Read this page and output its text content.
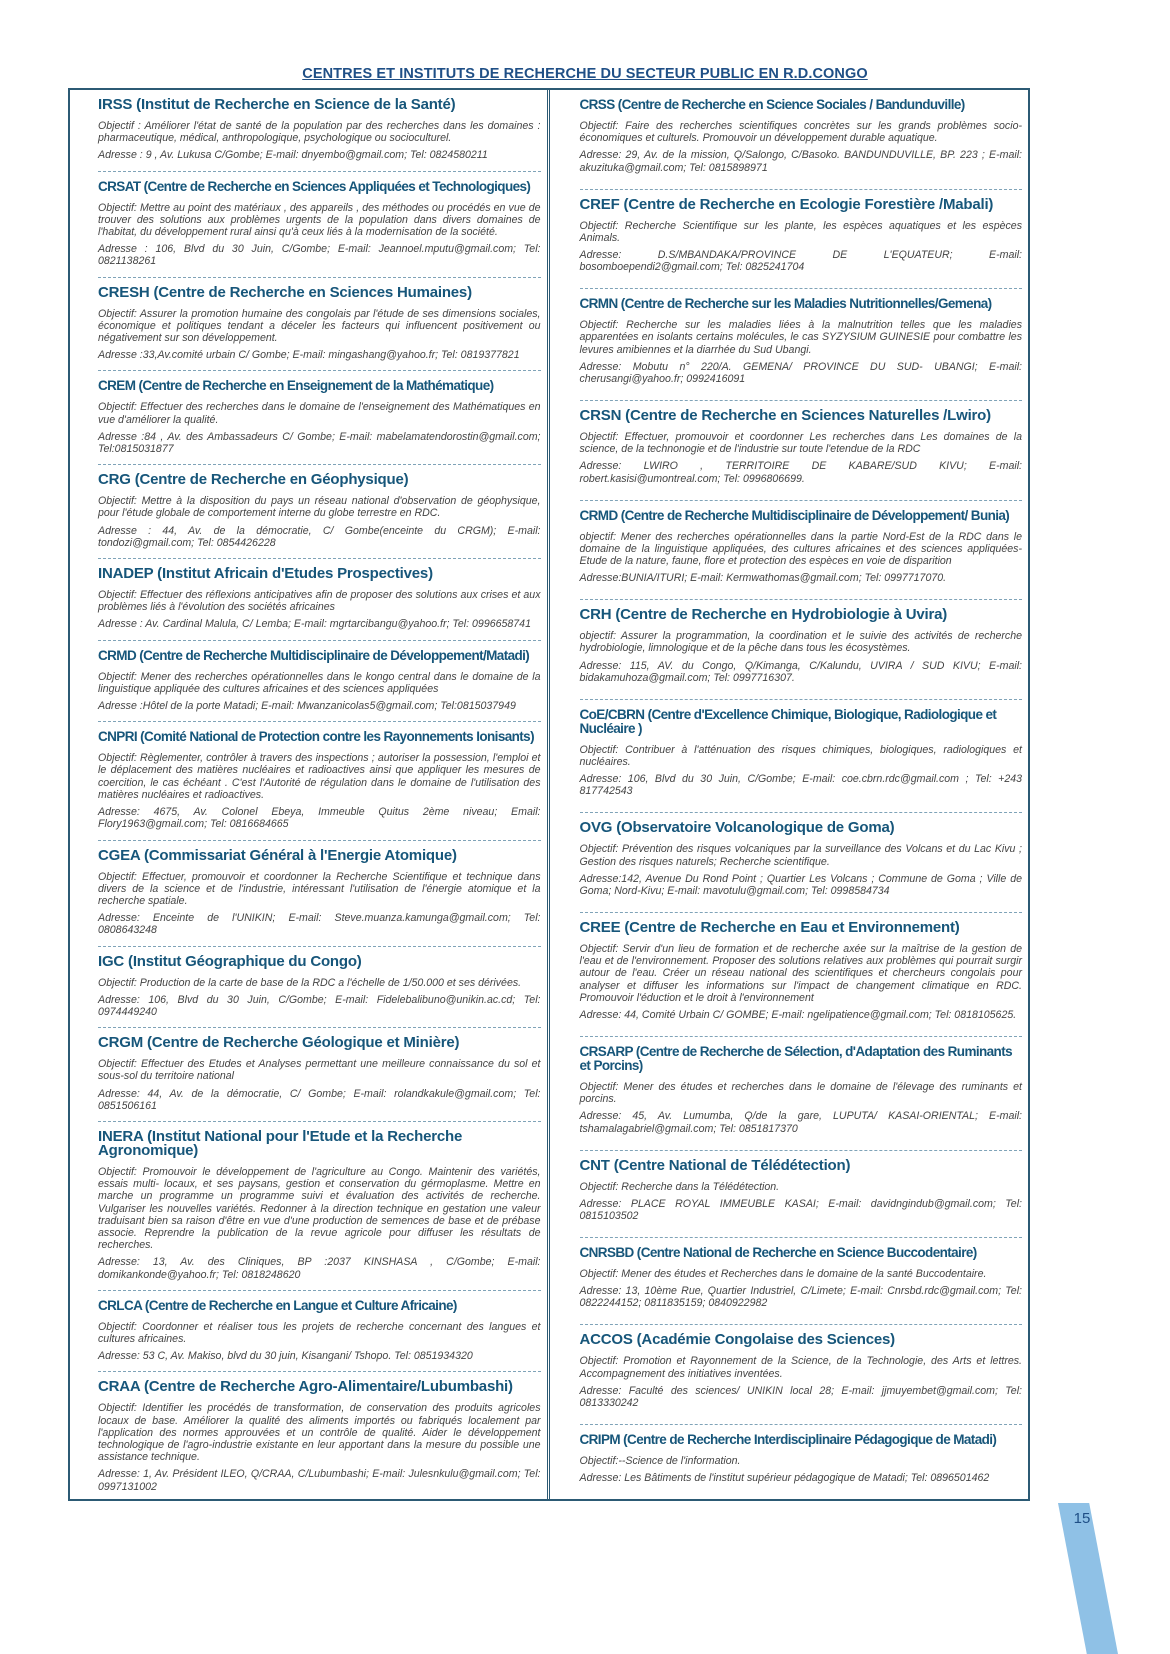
CENTRES ET INSTITUTS DE RECHERCHE DU SECTEUR PUBLIC EN R.D.CONGO
IRSS (Institut de Recherche en Science de la Santé)

Objectif : Améliorer l'état de santé de la population par des recherches dans les domaines : pharmaceutique, médical, anthropologique, psychologique ou socioculturel.

Adresse : 9 , Av. Lukusa C/Gombe; E-mail: dnyembo@gmail.com; Tel: 0824580211

CRSAT (Centre de Recherche en Sciences Appliquées et Technologiques)

Objectif: Mettre au point des matériaux , des appareils , des méthodes ou procédés en vue de trouver des solutions aux problèmes urgents de la population dans divers domaines de l'habitat, du développement rural ainsi qu'à ceux liés à la modernisation de la société.

Adresse : 106, Blvd du 30 Juin, C/Gombe; E-mail: Jeannoel.mputu@gmail.com; Tel: 0821138261

CRESH (Centre de Recherche en Sciences Humaines)

Objectif: Assurer la promotion humaine des congolais par l'étude de ses dimensions sociales, économique et politiques tendant a déceler les facteurs qui influencent positivement ou négativement sur son développement.

Adresse :33,Av.comité urbain C/ Gombe; E-mail: mingashang@yahoo.fr; Tel: 0819377821

CREM (Centre de Recherche en Enseignement de la Mathématique)

Objectif: Effectuer des recherches dans le domaine de l'enseignement des Mathématiques en vue d'améliorer la qualité.

Adresse :84 , Av. des Ambassadeurs C/ Gombe; E-mail: mabelamatendorostin@gmail.com; Tel:0815031877

CRG (Centre de Recherche en Géophysique)

Objectif: Mettre à la disposition du pays un réseau national d'observation de géophysique, pour l'étude globale de comportement interne du globe terrestre en RDC.

Adresse : 44, Av. de la démocratie, C/ Gombe(enceinte du CRGM); E-mail: tondozi@gmail.com; Tel: 0854426228

INADEP (Institut Africain d'Etudes Prospectives)

Objectif: Effectuer des réflexions anticipatives afin de proposer des solutions aux crises et aux problèmes liés à l'évolution des sociétés africaines

Adresse : Av. Cardinal Malula, C/ Lemba; E-mail: mgrtarcibangu@yahoo.fr; Tel: 0996658741

CRMD (Centre de Recherche Multidisciplinaire de Développement/Matadi)

Objectif: Mener des recherches opérationnelles dans le kongo central dans le domaine de la linguistique appliquée des cultures africaines et des sciences appliquées

Adresse :Hôtel de la porte Matadi; E-mail: Mwanzanicolas5@gmail.com; Tel:0815037949

CNPRI (Comité National de Protection contre les Rayonnements Ionisants)

Objectif: Règlementer, contrôler à travers des inspections ; autoriser la possession, l'emploi et le déplacement des matières nucléaires et radioactives ainsi que appliquer les mesures de coercition, le cas échéant . C'est l'Autorité de régulation dans le domaine de l'utilisation des matières nucléaires et radioactives.

Adresse: 4675, Av. Colonel Ebeya, Immeuble Quitus 2ème niveau; Email: Flory1963@gmail.com; Tel: 0816684665

CGEA (Commissariat Général à l'Energie Atomique)

Objectif: Effectuer, promouvoir et coordonner la Recherche Scientifique et technique dans divers de la science et de l'industrie, intéressant l'utilisation de l'énergie atomique et la recherche spatiale.

Adresse: Enceinte de l'UNIKIN; E-mail: Steve.muanza.kamunga@gmail.com; Tel: 0808643248

IGC (Institut Géographique du Congo)

Objectif: Production de la carte de base de la RDC a l'échelle de 1/50.000 et ses dérivées.

Adresse: 106, Blvd du 30 Juin, C/Gombe; E-mail: Fidelebalibuno@unikin.ac.cd; Tel: 0974449240

CRGM (Centre de Recherche Géologique et Minière)

Objectif: Effectuer des Etudes et Analyses permettant une meilleure connaissance du sol et sous-sol du territoire national

Adresse: 44, Av. de la démocratie, C/ Gombe; E-mail: rolandkakule@gmail.com; Tel: 0851506161

INERA (Institut National pour l'Etude et la Recherche Agronomique)

Objectif: Promouvoir le développement de l'agriculture au Congo. Maintenir des variétés, essais multi- locaux, et ses paysans, gestion et conservation du gérmoplasme. Mettre en marche un programme un programme suivi et évaluation des activités de recherche. Vulgariser les nouvelles variétés. Redonner à la direction technique en gestation une valeur traduisant bien sa raison d'être en vue d'une production de semences de base et de prébase associe. Reprendre la publication de la revue agricole pour diffuser les résultats de recherches.

Adresse: 13, Av. des Cliniques, BP :2037 KINSHASA , C/Gombe; E-mail: domikankonde@yahoo.fr; Tel: 0818248620

CRLCA (Centre de Recherche en Langue et Culture Africaine)

Objectif: Coordonner et réaliser tous les projets de recherche concernant des langues et cultures africaines.

Adresse: 53 C, Av. Makiso, blvd du 30 juin, Kisangani/ Tshopo. Tel: 0851934320

CRAA (Centre de Recherche Agro-Alimentaire/Lubumbashi)

Objectif: Identifier les procédés de transformation, de conservation des produits agricoles locaux de base. Améliorer la qualité des aliments importés ou fabriqués localement par l'application des normes approuvées et un contrôle de qualité. Aider le développement technologique de l'agro-industrie existante en leur apportant dans la mesure du possible une assistance technique.

Adresse: 1, Av. Président ILEO, Q/CRAA, C/Lubumbashi; E-mail: Julesnkulu@gmail.com; Tel: 0997131002

CRSS (Centre de Recherche en Science Sociales / Bandunduville)

Objectif: Faire des recherches scientifiques concrètes sur les grands problèmes socio-économiques et culturels. Promouvoir un développement durable aquatique.

Adresse: 29, Av. de la mission, Q/Salongo, C/Basoko. BANDUNDUVILLE, BP. 223 ; E-mail: akuzituka@gmail.com; Tel: 0815898971

CREF (Centre de Recherche en Ecologie Forestière /Mabali)

Objectif: Recherche Scientifique sur les plante, les espèces aquatiques et les espèces Animals.

Adresse: D.S/MBANDAKA/PROVINCE DE L'EQUATEUR; E-mail: bosomboependi2@gmail.com; Tel: 0825241704

CRMN (Centre de Recherche sur les Maladies Nutritionnelles/Gemena)

Objectif: Recherche sur les maladies liées à la malnutrition telles que les maladies apparentées en isolants certains molécules, le cas SYZYSIUM GUINESIE pour combattre les levures amibiennes et la diarrhée du Sud Ubangi.

Adresse: Mobutu n° 220/A. GEMENA/ PROVINCE DU SUD- UBANGI; E-mail: cherusangi@yahoo.fr; 0992416091

CRSN (Centre de Recherche en Sciences Naturelles /Lwiro)

Objectif: Effectuer, promouvoir et coordonner Les recherches dans Les domaines de la science, de la technonogie et de l'industrie sur toute l'etendue de la RDC

Adresse: LWIRO , TERRITOIRE DE KABARE/SUD KIVU; E-mail: robert.kasisi@umontreal.com; Tel: 0996806699.

CRMD (Centre de Recherche Multidisciplinaire de Développement/ Bunia)

objectif: Mener des recherches opérationnelles dans la partie Nord-Est de la RDC dans le domaine de la linguistique appliquées, des cultures africaines et des sciences appliquées-Etude de la nature, faune, flore et protection des espèces en voie de disparition

Adresse:BUNIA/ITURI; E-mail: Kermwathomas@gmail.com; Tel: 0997717070.

CRH (Centre de Recherche en Hydrobiologie à Uvira)

objectif: Assurer la programmation, la coordination et le suivie des activités de recherche hydrobiologie, limnologique et de la pêche dans tous les écosystèmes.

Adresse: 115, AV. du Congo, Q/Kimanga, C/Kalundu, UVIRA / SUD KIVU; E-mail: bidakamuhoza@gmail.com; Tel: 0997716307.

CoE/CBRN (Centre d'Excellence Chimique, Biologique, Radiologique et Nucléaire )

Objectif: Contribuer à l'atténuation des risques chimiques, biologiques, radiologiques et nucléaires.

Adresse: 106, Blvd du 30 Juin, C/Gombe; E-mail: coe.cbrn.rdc@gmail.com ; Tel: +243 817742543

OVG (Observatoire Volcanologique de Goma)

Objectif: Prévention des risques volcaniques par la surveillance des Volcans et du Lac Kivu ; Gestion des risques naturels; Recherche scientifique.

Adresse:142, Avenue Du Rond Point ; Quartier Les Volcans ; Commune de Goma ; Ville de Goma; Nord-Kivu; E-mail: mavotulu@gmail.com; Tel: 0998584734

CREE (Centre de Recherche en Eau et Environnement)

Objectif: Servir d'un lieu de formation et de recherche axée sur la maîtrise de la gestion de l'eau et de l'environnement. Proposer des solutions relatives aux problèmes qui pourrait surgir autour de l'eau. Créer un réseau national des scientifiques et chercheurs congolais pour analyser et diffuser les informations sur l'impact de changement climatique en RDC. Promouvoir l'éduction et le droit à l'environnement

Adresse: 44, Comité Urbain C/ GOMBE; E-mail: ngelipatience@gmail.com; Tel: 0818105625.

CRSARP (Centre de Recherche de Sélection, d'Adaptation des Ruminants et Porcins)

Objectif: Mener des études et recherches dans le domaine de l'élevage des ruminants et porcins.

Adresse: 45, Av. Lumumba, Q/de la gare, LUPUTA/ KASAI-ORIENTAL; E-mail: tshamalagabriel@gmail.com; Tel: 0851817370

CNT (Centre National de Télédétection)

Objectif: Recherche dans la Télédétection.

Adresse: PLACE ROYAL IMMEUBLE KASAI; E-mail: davidngindub@gmail.com; Tel: 0815103502

CNRSBD (Centre National de Recherche en Science Buccodentaire)

Objectif: Mener des études et Recherches dans le domaine de la santé Buccodentaire.

Adresse: 13, 10ème Rue, Quartier Industriel, C/Limete; E-mail: Cnrsbd.rdc@gmail.com; Tel: 0822244152; 0811835159; 0840922982

ACCOS (Académie Congolaise des Sciences)

Objectif: Promotion et Rayonnement de la Science, de la Technologie, des Arts et lettres. Accompagnement des initiatives inventées.

Adresse: Faculté des sciences/ UNIKIN local 28; E-mail: jjmuyembet@gmail.com; Tel: 0813330242

CRIPM (Centre de Recherche Interdisciplinaire Pédagogique de Matadi)

Objectif:--Science de l'information.

Adresse: Les Bâtiments de l'institut supérieur pédagogique de Matadi; Tel: 0896501462

15
